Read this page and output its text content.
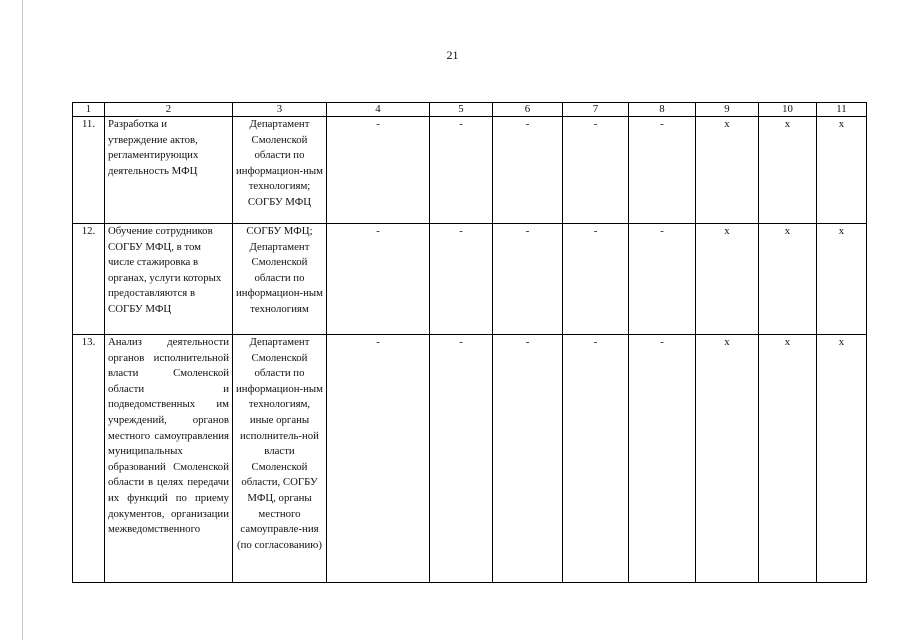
21
1	2	3	4	5	6	7	8	9	10	11
11.	Разработка и утверждение актов, регламентирующих деятельность МФЦ	Департамент Смоленской области по информацион-ным технологиям; СОГБУ МФЦ	-	-	-	-	-	х	х	х
12.	Обучение сотрудников СОГБУ МФЦ, в том числе стажировка в органах, услуги которых предоставляются в СОГБУ МФЦ	СОГБУ МФЦ; Департамент Смоленской области по информацион-ным технологиям	-	-	-	-	-	х	х	х
13.	Анализ деятельности органов исполнительной власти Смоленской области и подведомственных им учреждений, органов местного самоуправления муниципальных образований Смоленской области в целях передачи их функций по приему документов, организации межведомственного	Департамент Смоленской области по информацион-ным технологиям, иные органы исполнитель-ной власти Смоленской области, СОГБУ МФЦ, органы местного самоуправле-ния (по согласованию)	-	-	-	-	-	х	х	х
